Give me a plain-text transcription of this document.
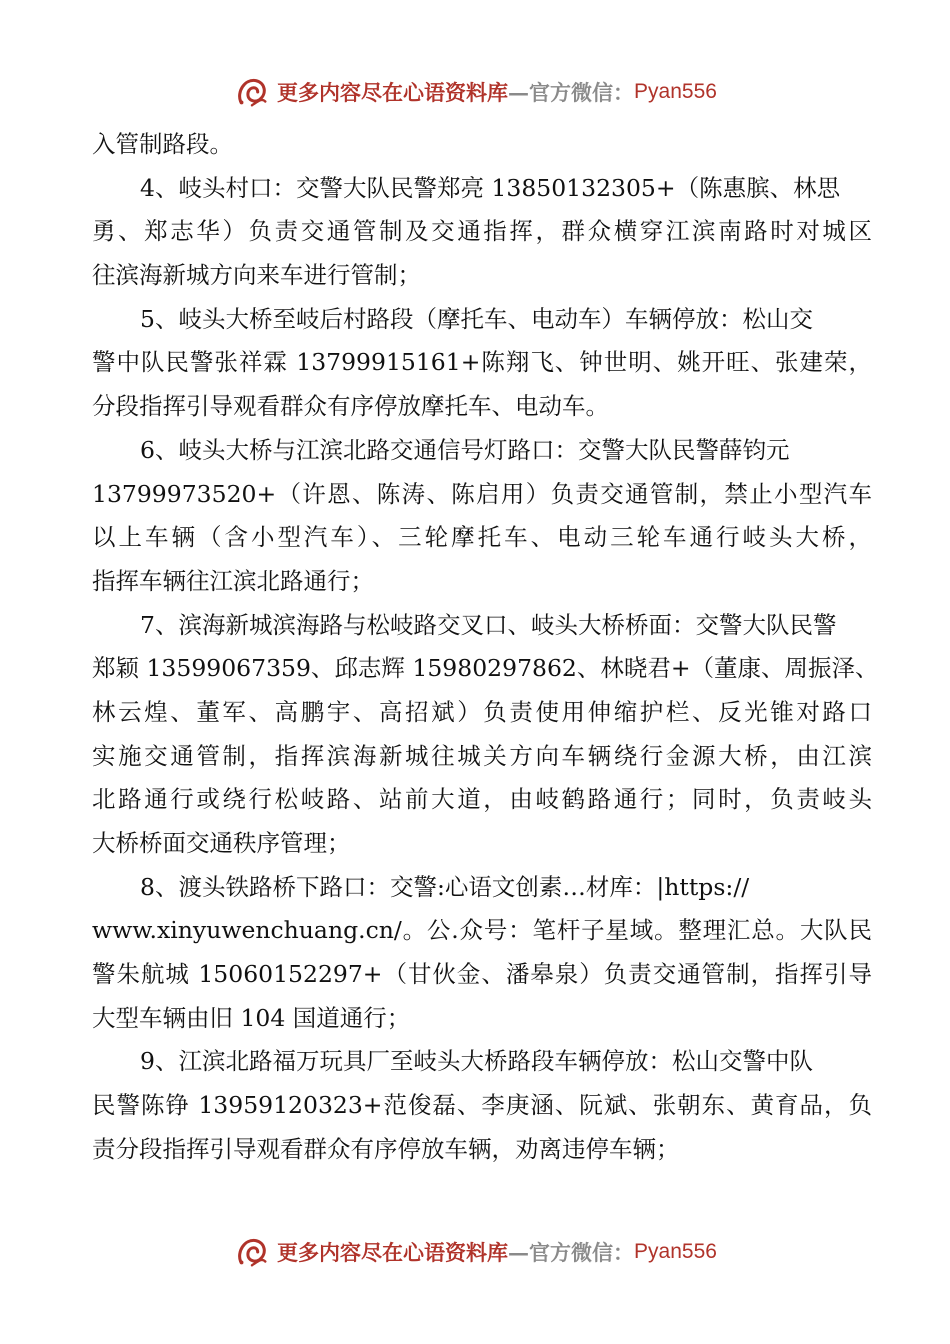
更多内容尽在心语资料库 —官方微信： Pyan556
入管制路段。
4、岐头村口：交警大队民警郑亮 13850132305+（陈惠膑、林思
勇、郑志华）负责交通管制及交通指挥，群众横穿江滨南路时对城区
往滨海新城方向来车进行管制；
5、岐头大桥至岐后村路段（摩托车、电动车）车辆停放：松山交
警中队民警张祥霖 13799915161+陈翔飞、钟世明、姚开旺、张建荣，
分段指挥引导观看群众有序停放摩托车、电动车。
6、岐头大桥与江滨北路交通信号灯路口：交警大队民警薛钧元
13799973520+（许恩、陈涛、陈启用）负责交通管制，禁止小型汽车
以上车辆（含小型汽车）、三轮摩托车、电动三轮车通行岐头大桥，
指挥车辆往江滨北路通行；
7、滨海新城滨海路与松岐路交叉口、岐头大桥桥面：交警大队民警
郑颖 13599067359、邱志辉 15980297862、林晓君+（董康、周振泽、
林云煌、董军、高鹏宇、高招斌）负责使用伸缩护栏、反光锥对路口
实施交通管制，指挥滨海新城往城关方向车辆绕行金源大桥，由江滨
北路通行或绕行松岐路、站前大道，由岐鹤路通行；同时，负责岐头
大桥桥面交通秩序管理；
8、渡头铁路桥下路口：交警:心语文创素…材库：|https://
www.xinyuwenchuang.cn/。公.众号：笔杆子星域。整理汇总。大队民
警朱航城 15060152297+（甘伙金、潘皋泉）负责交通管制，指挥引导
大型车辆由旧 104 国道通行；
9、江滨北路福万玩具厂至岐头大桥路段车辆停放：松山交警中队
民警陈铮 13959120323+范俊磊、李庚涵、阮斌、张朝东、黄育品，负
责分段指挥引导观看群众有序停放车辆，劝离违停车辆；
更多内容尽在心语资料库 —官方微信： Pyan556
